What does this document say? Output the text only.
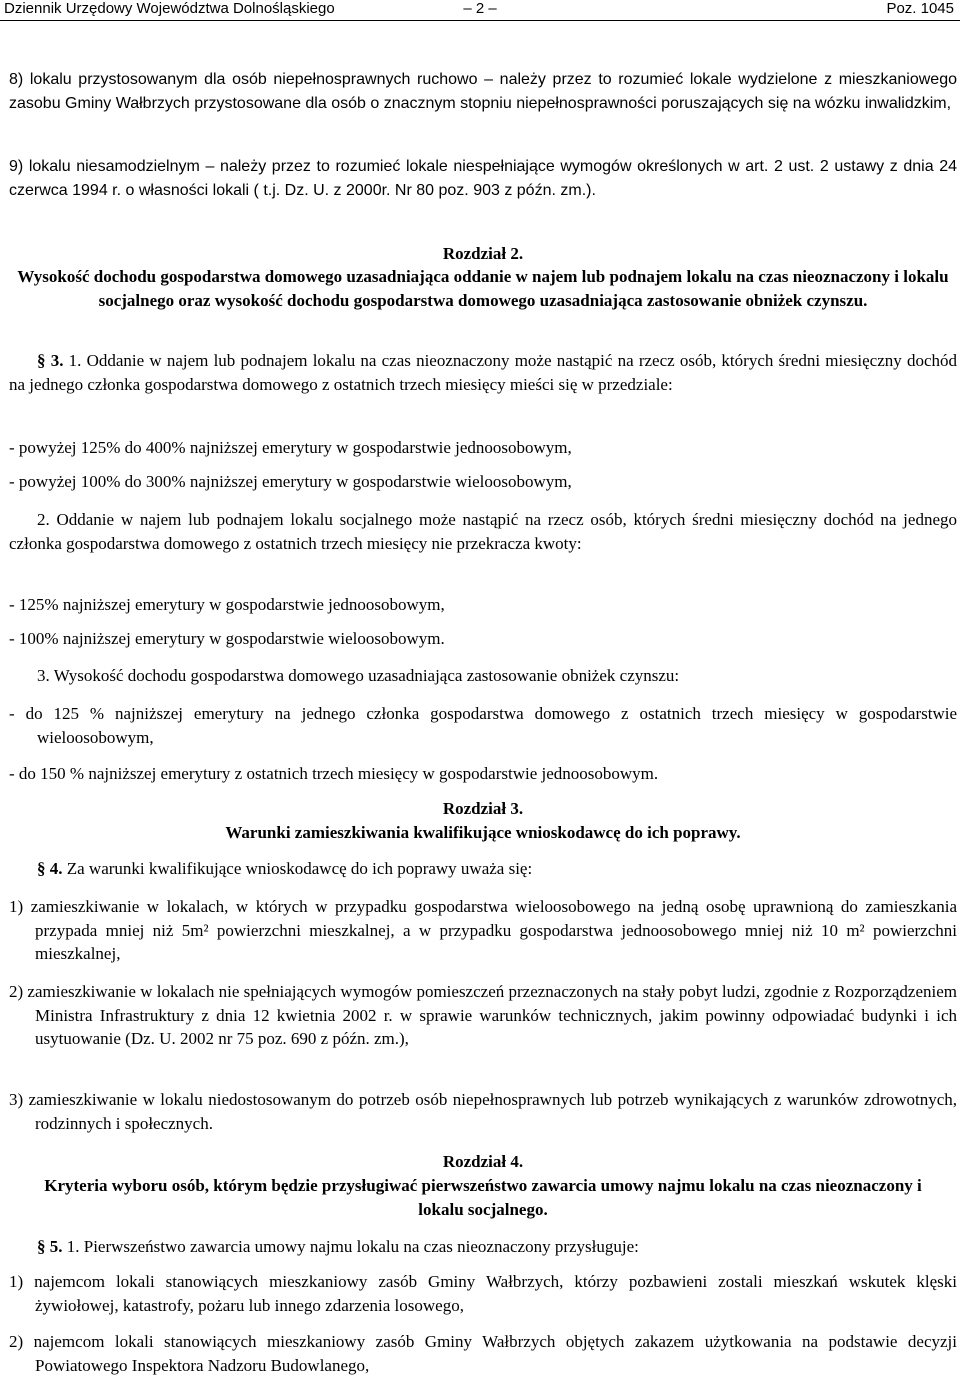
Dziennik Urzędowy Województwa Dolnośląskiego	– 2 –	Poz. 1045

8) lokalu przystosowanym dla osób niepełnosprawnych ruchowo – należy przez to rozumieć lokale wydzielone z mieszkaniowego zasobu Gminy Wałbrzych przystosowane dla osób o znacznym stopniu niepełnosprawności poruszających się na wózku inwalidzkim,

9) lokalu niesamodzielnym – należy przez to rozumieć lokale niespełniające wymogów określonych w art. 2 ust. 2 ustawy z dnia 24 czerwca 1994 r. o własności lokali ( t.j. Dz. U. z 2000r. Nr 80 poz. 903 z późn. zm.).

Rozdział 2.

Wysokość dochodu gospodarstwa domowego uzasadniająca oddanie w najem lub podnajem lokalu na czas nieoznaczony i lokalu socjalnego oraz wysokość dochodu gospodarstwa domowego uzasadniająca zastosowanie obniżek czynszu.

§ 3. 1. Oddanie w najem lub podnajem lokalu na czas nieoznaczony może nastąpić na rzecz osób, których średni miesięczny dochód na jednego członka gospodarstwa domowego z ostatnich trzech miesięcy mieści się w przedziale:

- powyżej 125% do 400% najniższej emerytury w gospodarstwie jednoosobowym,

- powyżej 100% do 300% najniższej emerytury w gospodarstwie wieloosobowym,

2. Oddanie w najem lub podnajem lokalu socjalnego może nastąpić na rzecz osób, których średni miesięczny dochód na jednego członka gospodarstwa domowego z ostatnich trzech miesięcy nie przekracza kwoty:

- 125% najniższej emerytury w gospodarstwie jednoosobowym,

- 100% najniższej emerytury w gospodarstwie wieloosobowym.

3. Wysokość dochodu gospodarstwa domowego uzasadniająca zastosowanie obniżek czynszu:

- do 125 % najniższej emerytury na jednego członka gospodarstwa domowego z ostatnich trzech miesięcy w gospodarstwie wieloosobowym,

- do 150 % najniższej emerytury z ostatnich trzech miesięcy w gospodarstwie jednoosobowym.

Rozdział 3.

Warunki zamieszkiwania kwalifikujące wnioskodawcę do ich poprawy.

§ 4. Za warunki kwalifikujące wnioskodawcę do ich poprawy uważa się:

1) zamieszkiwanie w lokalach, w których w przypadku gospodarstwa wieloosobowego na jedną osobę uprawnioną do zamieszkania przypada mniej niż 5m² powierzchni mieszkalnej, a w przypadku gospodarstwa jednoosobowego mniej niż 10 m² powierzchni mieszkalnej,

2) zamieszkiwanie w lokalach nie spełniających wymogów pomieszczeń przeznaczonych na stały pobyt ludzi, zgodnie z Rozporządzeniem Ministra Infrastruktury z dnia 12 kwietnia 2002 r. w sprawie warunków technicznych, jakim powinny odpowiadać budynki i ich usytuowanie (Dz. U. 2002 nr 75 poz. 690 z późn. zm.),

3) zamieszkiwanie w lokalu niedostosowanym do potrzeb osób niepełnosprawnych lub potrzeb wynikających z warunków zdrowotnych, rodzinnych i społecznych.

Rozdział 4.

Kryteria wyboru osób, którym będzie przysługiwać pierwszeństwo zawarcia umowy najmu lokalu na czas nieoznaczony i lokalu socjalnego.

§ 5. 1. Pierwszeństwo zawarcia umowy najmu lokalu na czas nieoznaczony przysługuje:

1) najemcom lokali stanowiących mieszkaniowy zasób Gminy Wałbrzych, którzy pozbawieni zostali mieszkań wskutek klęski żywiołowej, katastrofy, pożaru lub innego zdarzenia losowego,

2) najemcom lokali stanowiących mieszkaniowy zasób Gminy Wałbrzych objętych zakazem użytkowania na podstawie decyzji Powiatowego Inspektora Nadzoru Budowlanego,
